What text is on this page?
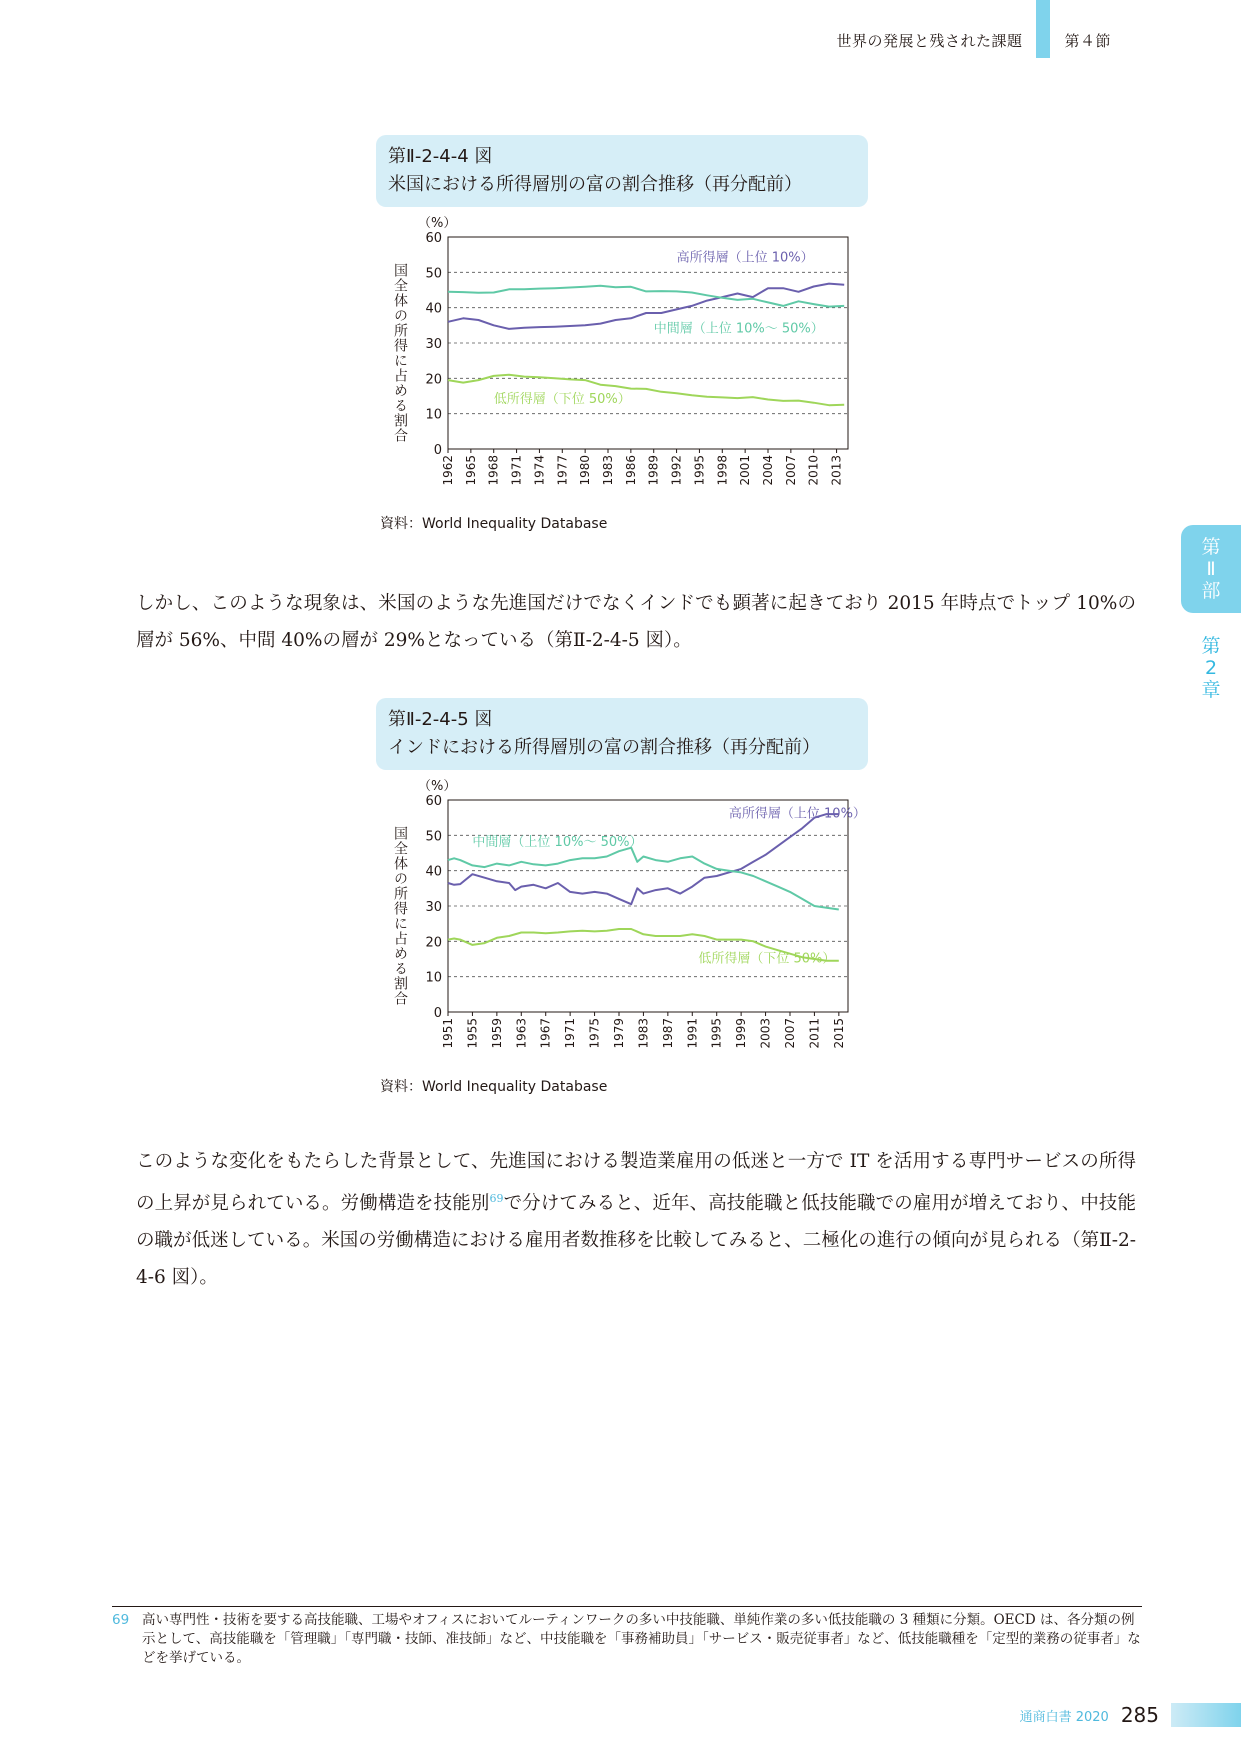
世界の発展と残された課題	第４節
第
Ⅱ
部
第
2
章
第Ⅱ-2-4-4 図
米国における所得層別の富の割合推移（再分配前）
（%）
国全体の所得に占める割合
0
10
20
30
40
50
60
1962 1965 1968 1971 1974 1977 1980 1983 1986 1989 1992 1995 1998 2001 2004 2007 2010 2013
高所得層（上位 10%）
中間層（上位 10%～ 50%）
低所得層（下位 50%）
資料：World Inequality Database
しかし、このような現象は、米国のような先進国だけでなくインドでも顕著に起きており 2015 年時点でトップ 10%の層が 56%、中間 40%の層が 29%となっている（第Ⅱ-2-4-5 図）。
第Ⅱ-2-4-5 図
インドにおける所得層別の富の割合推移（再分配前）
（%）
国全体の所得に占める割合
0
10
20
30
40
50
60
1951 1955 1959 1963 1967 1971 1975 1979 1983 1987 1991 1995 1999 2003 2007 2011 2015
高所得層（上位 10%）
中間層（上位 10%～ 50%）
低所得層（下位 50%）
資料：World Inequality Database
このような変化をもたらした背景として、先進国における製造業雇用の低迷と一方で IT を活用する専門サービスの所得の上昇が見られている。労働構造を技能別$^{69}$で分けてみると、近年、高技能職と低技能職での雇用が増えており、中技能の職が低迷している。米国の労働構造における雇用者数推移を比較してみると、二極化の進行の傾向が見られる（第Ⅱ-2-4-6 図）。
69 高い専門性・技術を要する高技能職、工場やオフィスにおいてルーティンワークの多い中技能職、単純作業の多い低技能職の 3 種類に分類。OECD は、各分類の例示として、高技能職を「管理職」「専門職・技師、准技師」など、中技能職を「事務補助員」「サービス・販売従事者」など、低技能職種を「定型的業務の従事者」などを挙げている。
通商白書 2020 285
